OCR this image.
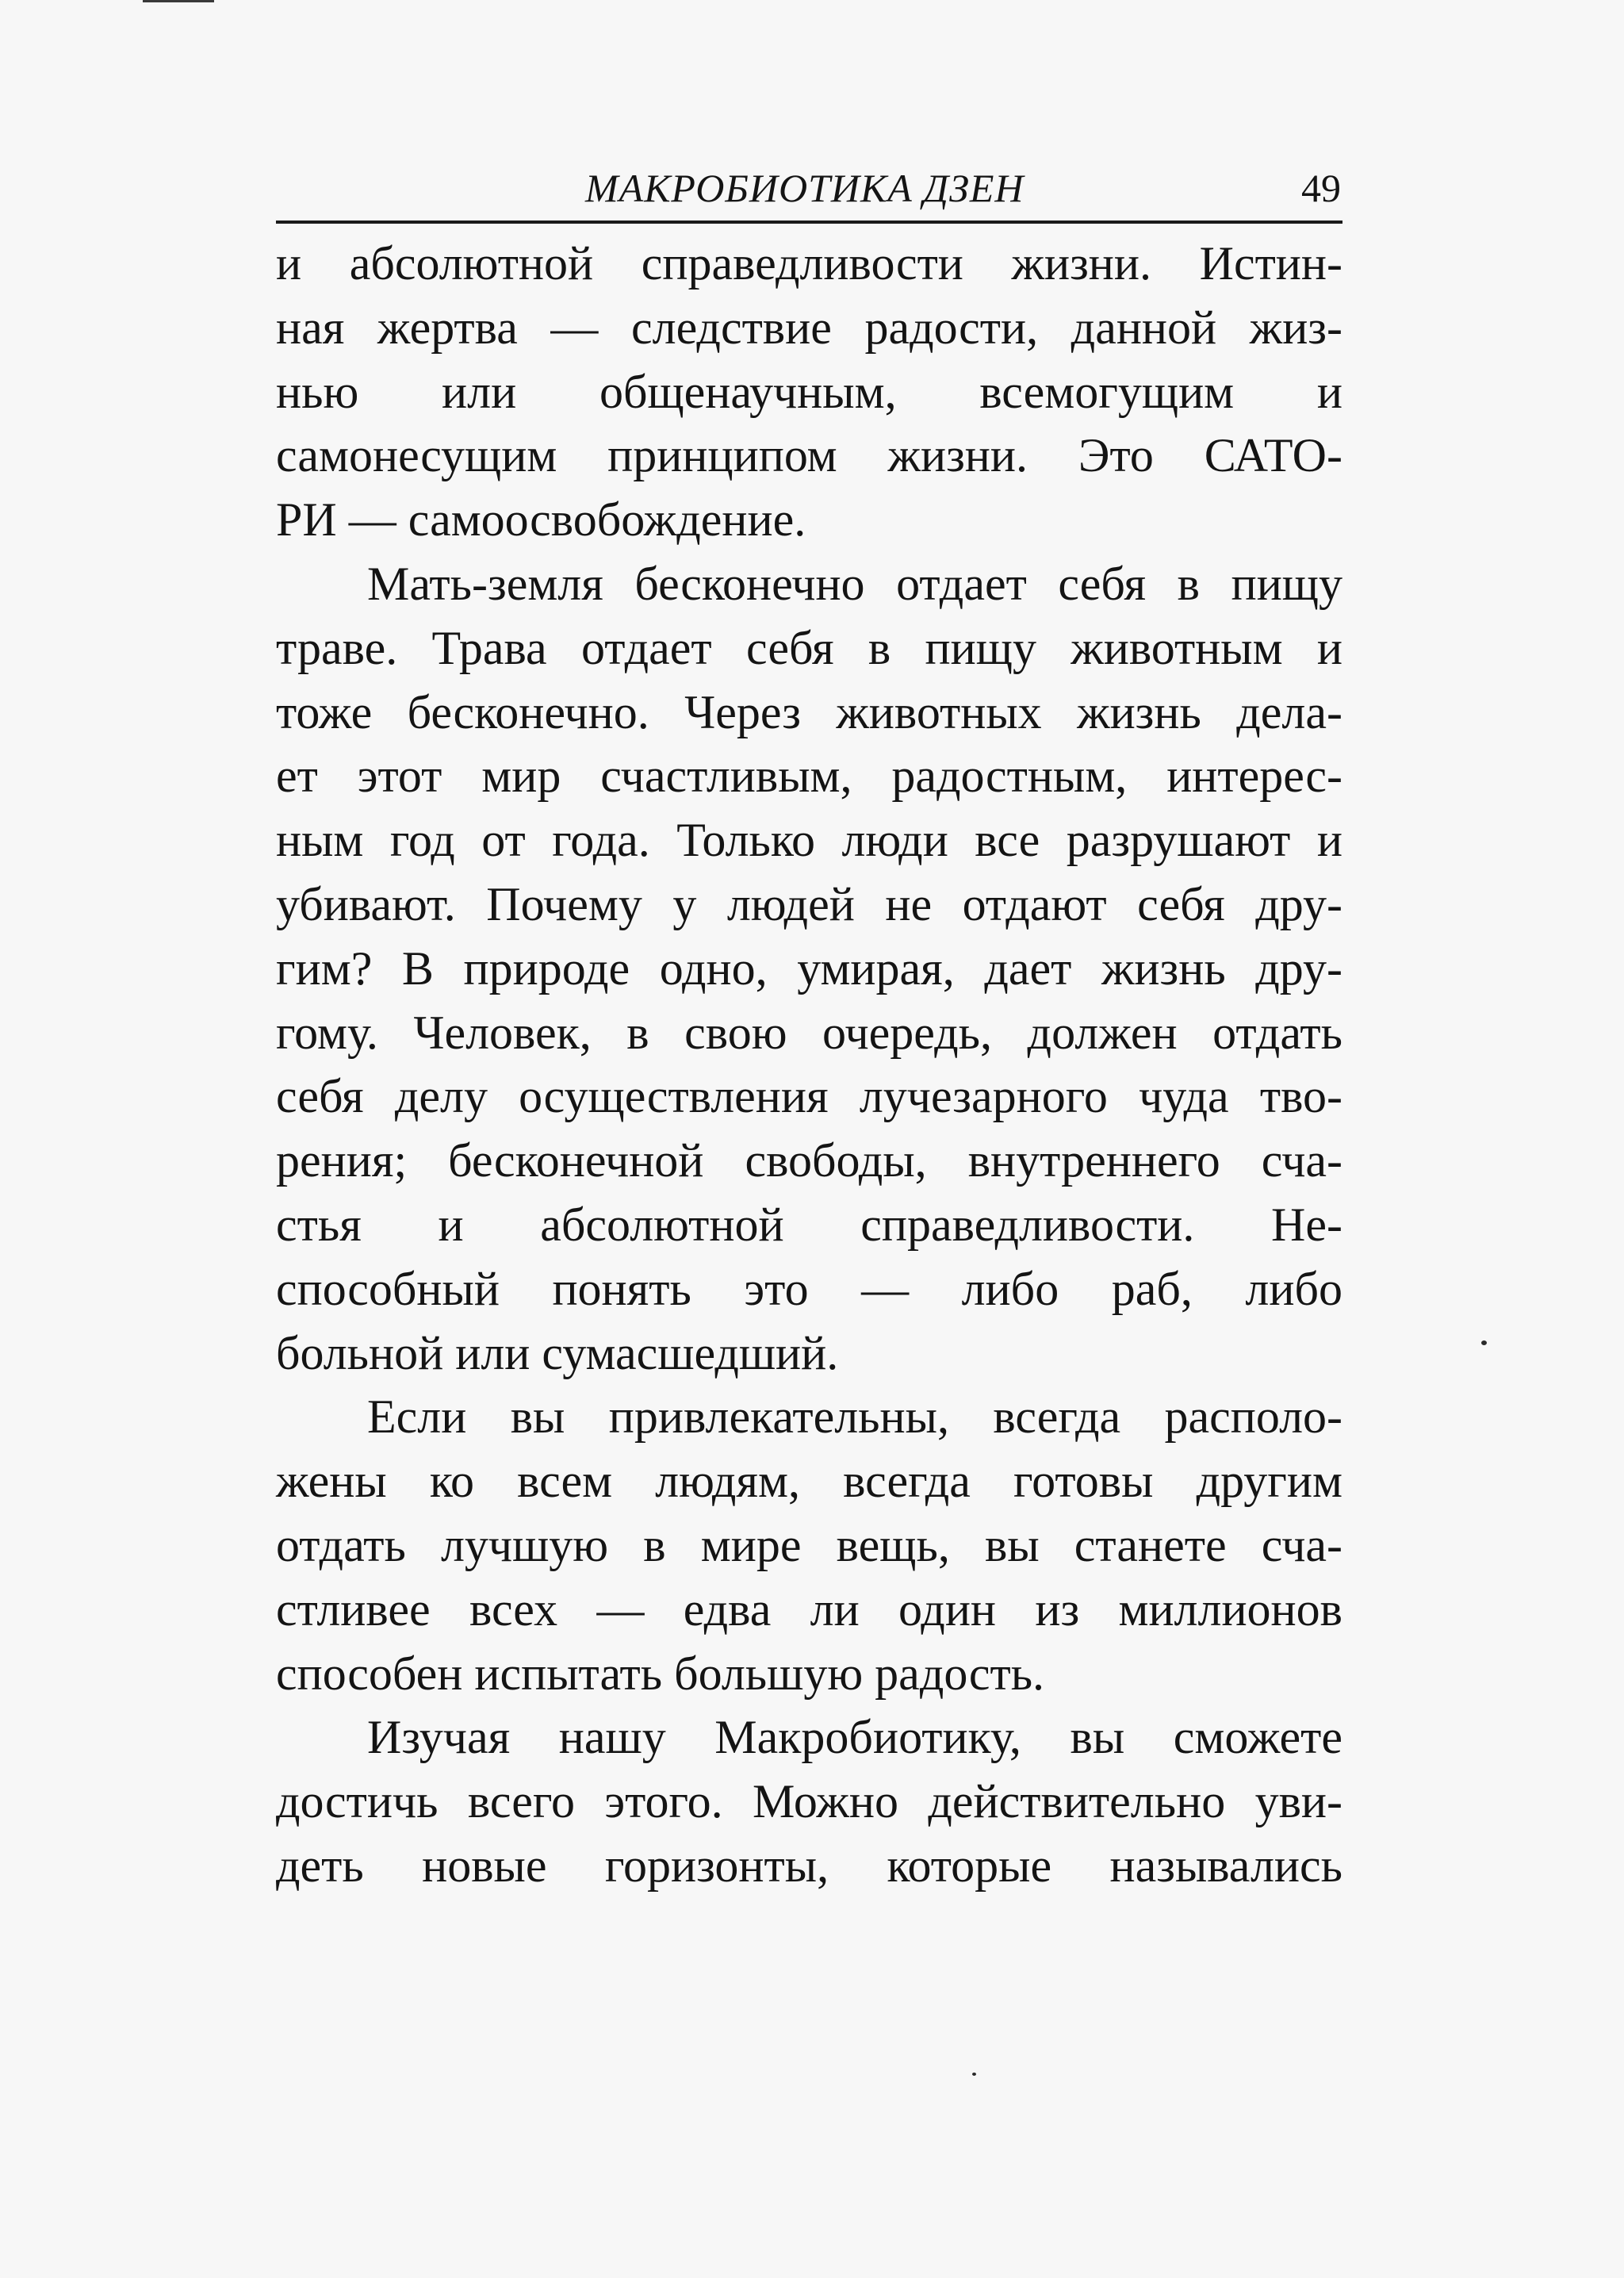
МАКРОБИОТИКА ДЗЕН	49
и абсолютной справедливости жизни. Истин-
ная жертва — следствие радости, данной жиз-
нью или общенаучным, всемогущим и
самонесущим принципом жизни. Это САТО-
РИ — самоосвобождение.
Мать-земля бесконечно отдает себя в пищу
траве. Трава отдает себя в пищу животным и
тоже бесконечно. Через животных жизнь дела-
ет этот мир счастливым, радостным, интерес-
ным год от года. Только люди все разрушают и
убивают. Почему у людей не отдают себя дру-
гим? В природе одно, умирая, дает жизнь дру-
гому. Человек, в свою очередь, должен отдать
себя делу осуществления лучезарного чуда тво-
рения; бесконечной свободы, внутреннего сча-
стья и абсолютной справедливости. Не-
способный понять это — либо раб, либо
больной или сумасшедший.
Если вы привлекательны, всегда располо-
жены ко всем людям, всегда готовы другим
отдать лучшую в мире вещь, вы станете сча-
стливее всех — едва ли один из миллионов
способен испытать большую радость.
Изучая нашу Макробиотику, вы сможете
достичь всего этого. Можно действительно уви-
деть новые горизонты, которые назывались
